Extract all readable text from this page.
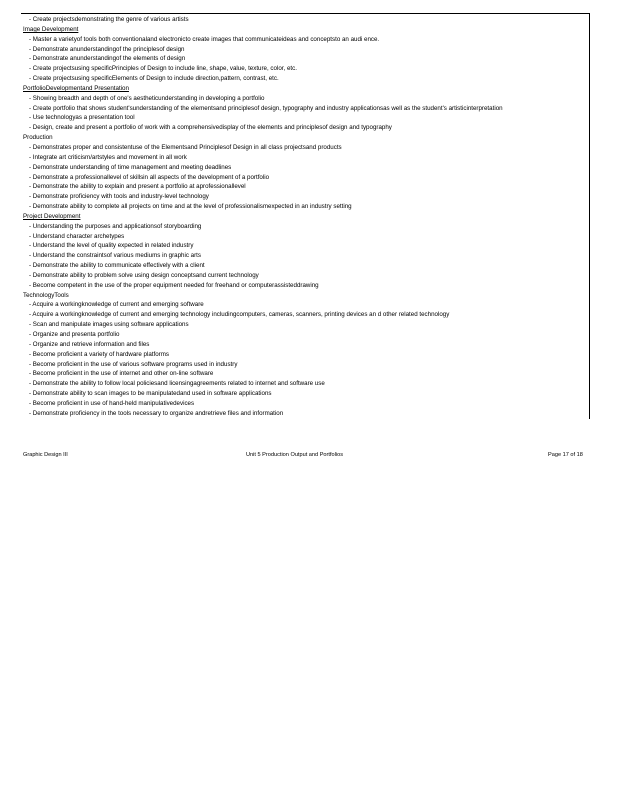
- Create projectsdemonstrating the genre of various artists
Image Development
- Master a varietyof tools both conventionaland electronicto create images that communicateideas and conceptsto an audi ence.
- Demonstrate anunderstandingof the principlesof design
- Demonstrate anunderstandingof the elements of design
- Create projectsusing specificPrinciples of Design to include line, shape, value, texture, color, etc.
- Create projectsusing specificElements of Design to include direction,pattern, contrast, etc.
PortfolioDevelopmentand Presentation
- Showing breadth and depth of one's aestheticunderstanding in developing a portfolio
- Create portfolio that shows student'sunderstanding of the elementsand principlesof design, typography and industry applicationsas well as the student's artisticinterpretation
- Use technologyas a presentation tool
- Design, create and present a portfolio of work with a comprehensivedisplay of the elements and principlesof design and typography
Production
- Demonstrates proper and consistentuse of the Elementsand Principlesof Design in all class projectsand products
- Integrate art criticism/artstyles and movement in all work
- Demonstrate understanding of time management and meeting deadlines
- Demonstrate a professionallevel of skillsin all aspects of the development of a portfolio
- Demonstrate the ability to explain and present a portfolio at aprofessionallevel
- Demonstrate proficiency with tools and industry-level technology
- Demonstrate ability to complete all projects on time and at the level of professionalismexpected in an industry setting
Project Development
- Understanding the purposes and applicationsof storyboarding
- Understand character archetypes
- Understand the level of quality expected in related industry
- Understand the constraintsof various mediums in graphic arts
- Demonstrate the ability to communicate effectively with a client
- Demonstrate ability to problem solve using design conceptsand current technology
- Become competent in the use of the proper equipment needed for freehand or computerassisteddrawing
TechnologyTools
- Acquire a workingknowledge of current and emerging software
- Acquire a workingknowledge of current and emerging technology includingcomputers, cameras, scanners, printing devices an d other related technology
- Scan and manipulate images using software applications
- Organize and presenta portfolio
- Organize and retrieve information and files
- Become proficient a variety of hardware platforms
- Become proficient in the use of various software programs used in industry
- Become proficient in the use of internet and other on-line software
- Demonstrate the ability to follow local policiesand licensingagreements related to internet and software use
- Demonstrate ability to scan images to be manipulatedand used in software applications
- Become proficient in use of hand-held manipulativedevices
- Demonstrate proficiency in the tools necessary to organize andretrieve files and information
Graphic Design III	Unit 5 Production Output and Portfolios	Page 17 of 18
